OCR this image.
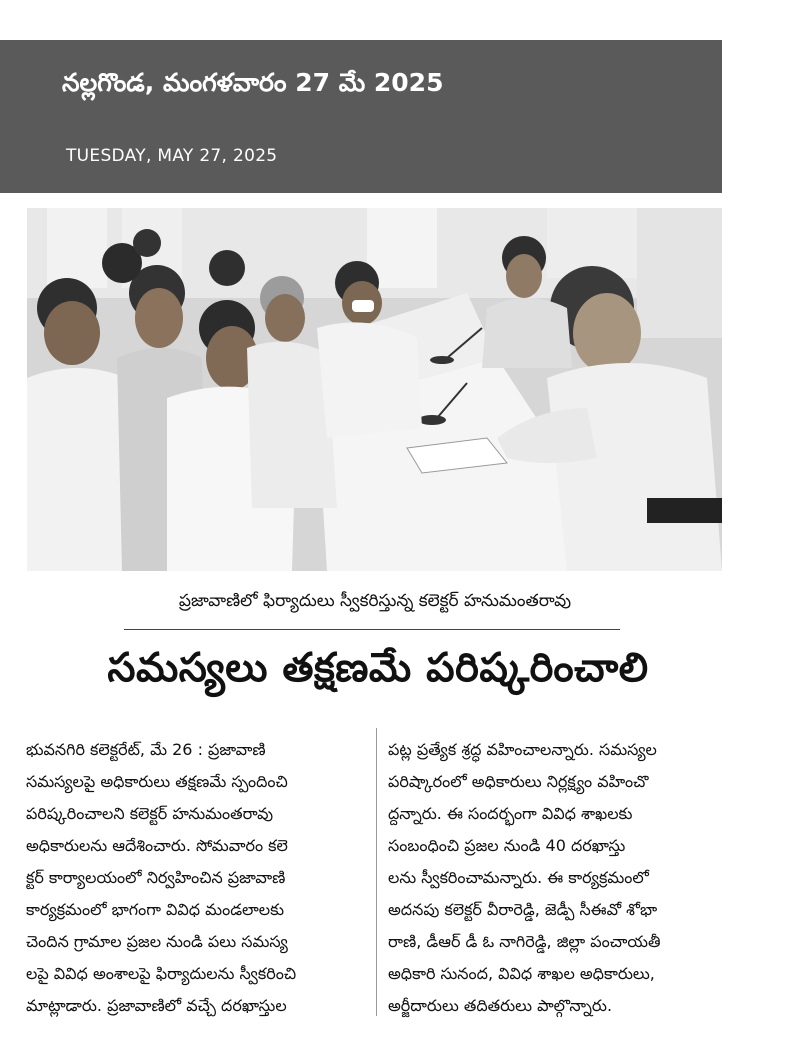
నల్లగొండ, మంగళవారం 27 మే 2025
TUESDAY, MAY 27, 2025
ప్రజావాణిలో ఫిర్యాదులు స్వీకరిస్తున్న కలెక్టర్ హనుమంతరావు
సమస్యలు తక్షణమే పరిష్కరించాలి
భువనగిరి కలెక్టరేట్, మే 26 : ప్రజావాణి
సమస్యలపై అధికారులు తక్షణమే స్పందించి
పరిష్కరించాలని కలెక్టర్ హనుమంతరావు
అధికారులను ఆదేశించారు. సోమవారం కలె
క్టర్ కార్యాలయంలో నిర్వహించిన ప్రజావాణి
కార్యక్రమంలో భాగంగా వివిధ మండలాలకు
చెందిన గ్రామాల ప్రజల నుండి పలు సమస్య
లపై వివిధ అంశాలపై ఫిర్యాదులను స్వీకరించి
మాట్లాడారు. ప్రజావాణిలో వచ్చే దరఖాస్తుల
పట్ల ప్రత్యేక శ్రద్ధ వహించాలన్నారు. సమస్యల
పరిష్కారంలో అధికారులు నిర్లక్ష్యం వహించొ
ద్దన్నారు. ఈ సందర్భంగా వివిధ శాఖలకు
సంబంధించి ప్రజల నుండి 40 దరఖాస్తు
లను స్వీకరించామన్నారు. ఈ కార్యక్రమంలో
అదనపు కలెక్టర్ వీరారెడ్డి, జెడ్పీ సీఈవో శోభా
రాణి, డీఆర్ డీ ఓ నాగిరెడ్డి, జిల్లా పంచాయతీ
అధికారి సునంద, వివిధ శాఖల అధికారులు,
అర్జీదారులు తదితరులు పాల్గొన్నారు.
